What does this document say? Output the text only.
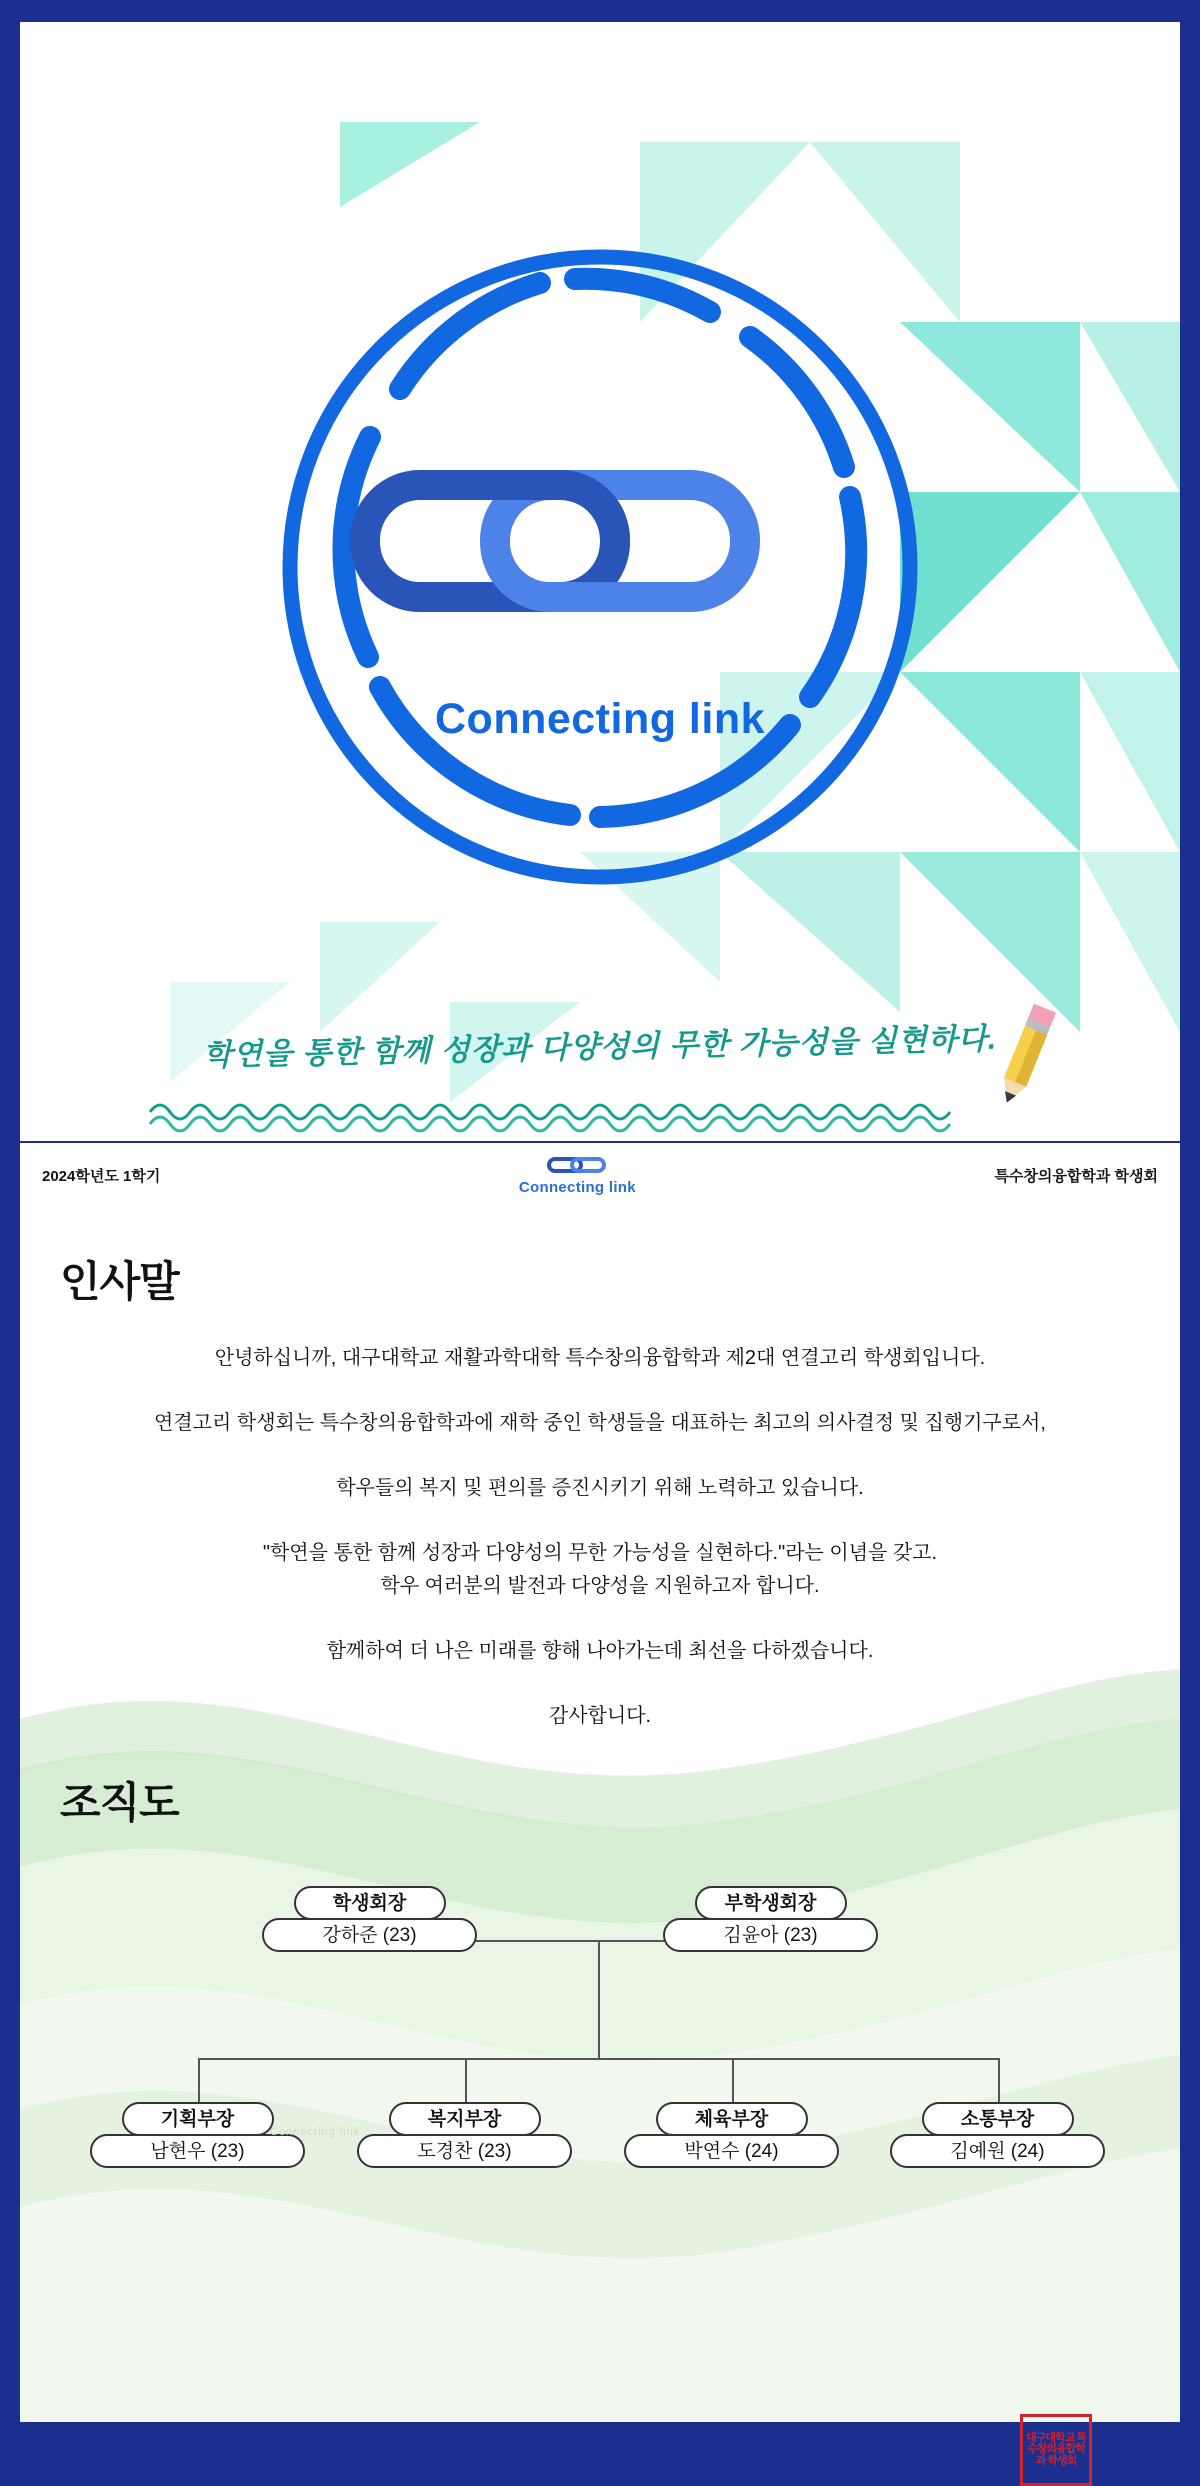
Connecting link
학연을 통한 함께 성장과 다양성의 무한 가능성을 실현하다.
2024학년도 1학기
Connecting link
특수창의융합학과 학생회
인사말

안녕하십니까, 대구대학교 재활과학대학 특수창의융합학과 제2대 연결고리 학생회입니다.

연결고리 학생회는 특수창의융합학과에 재학 중인 학생들을 대표하는 최고의 의사결정 및 집행기구로서,

학우들의 복지 및 편의를 증진시키기 위해 노력하고 있습니다.

"학연을 통한 함께 성장과 다양성의 무한 가능성을 실현하다."라는 이념을 갖고.

학우 여러분의 발전과 다양성을 지원하고자 합니다.

함께하여 더 나은 미래를 향해 나아가는데 최선을 다하겠습니다.

감사합니다.

대구대학교 특수창의융합학과 학생회
조직도
학생회장
강하준 (23)
부학생회장
김윤아 (23)
기획부장
남현우 (23)
복지부장
도경찬 (23)
체육부장
박연수 (24)
소통부장
김예원 (24)
Connecting link
